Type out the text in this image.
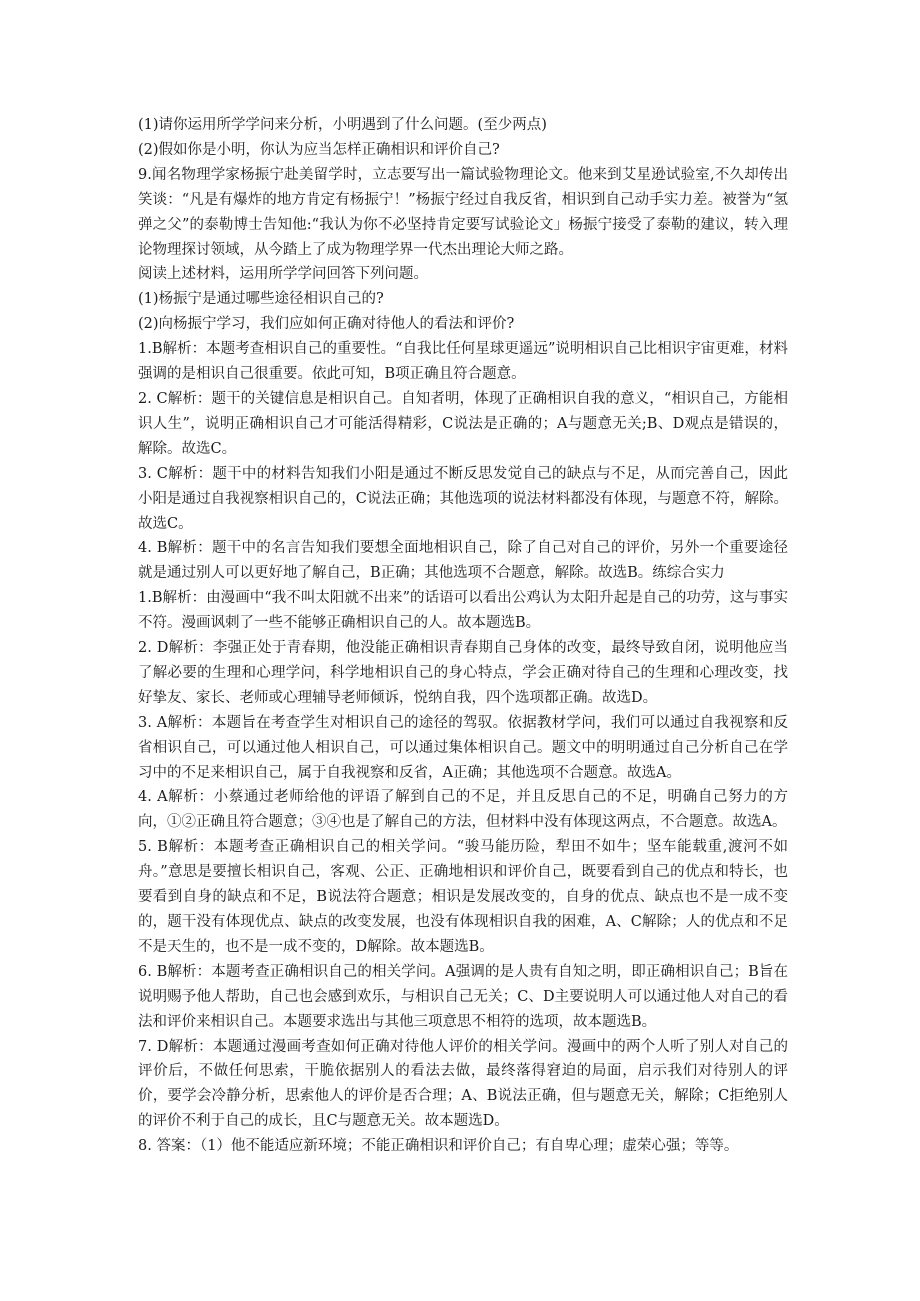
(1)请你运用所学学问来分析，小明遇到了什么问题。(至少两点)

(2)假如你是小明，你认为应当怎样正确相识和评价自己?

9.闻名物理学家杨振宁赴美留学时，立志要写出一篇试验物理论文。他来到艾星逊试验室,不久却传出笑谈：“凡是有爆炸的地方肯定有杨振宁！”杨振宁经过自我反省，相识到自己动手实力差。被誉为“氢弹之父”的泰勒博士告知他:“我认为你不必坚持肯定要写试验论文」杨振宁接受了泰勒的建议，转入理论物理探讨领域，从今踏上了成为物理学界一代杰出理论大师之路。

阅读上述材料，运用所学学问回答下列问题。

(1)杨振宁是通过哪些途径相识自己的?

(2)向杨振宁学习，我们应如何正确对待他人的看法和评价?

1.B解析：本题考查相识自己的重要性。“自我比任何星球更遥远”说明相识自己比相识宇宙更难，材料强调的是相识自己很重要。依此可知，B项正确且符合题意。

2. C解析：题干的关键信息是相识自己。自知者明，体现了正确相识自我的意义，“相识自己，方能相识人生”，说明正确相识自己才可能活得精彩，C说法是正确的；A与题意无关;B、D观点是错误的，解除。故选C。

3. C解析：题干中的材料告知我们小阳是通过不断反思发觉自己的缺点与不足，从而完善自己，因此小阳是通过自我视察相识自己的，C说法正确；其他选项的说法材料都没有体现，与题意不符，解除。故选C。

4. B解析：题干中的名言告知我们要想全面地相识自己，除了自己对自己的评价，另外一个重要途径就是通过别人可以更好地了解自己，B正确；其他选项不合题意，解除。故选B。练综合实力

1.B解析：由漫画中“我不叫太阳就不出来”的话语可以看出公鸡认为太阳升起是自己的功劳，这与事实不符。漫画讽刺了一些不能够正确相识自己的人。故本题选B。

2. D解析：李强正处于青春期，他没能正确相识青春期自己身体的改变，最终导致自闭，说明他应当了解必要的生理和心理学问，科学地相识自己的身心特点，学会正确对待自己的生理和心理改变，找好挚友、家长、老师或心理辅导老师倾诉，悦纳自我，四个选项都正确。故选D。

3. A解析：本题旨在考查学生对相识自己的途径的驾驭。依据教材学问，我们可以通过自我视察和反省相识自己，可以通过他人相识自己，可以通过集体相识自己。题文中的明明通过自己分析自己在学习中的不足来相识自己，属于自我视察和反省，A正确；其他选项不合题意。故选A。

4. A解析：小蔡通过老师给他的评语了解到自己的不足，并且反思自己的不足，明确自己努力的方向，①②正确且符合题意；③④也是了解自己的方法，但材料中没有体现这两点，不合题意。故选A。

5. B解析：本题考查正确相识自己的相关学问。“骏马能历险，犁田不如牛；坚车能载重,渡河不如舟。”意思是要擅长相识自己，客观、公正、正确地相识和评价自己，既要看到自己的优点和特长，也要看到自身的缺点和不足，B说法符合题意；相识是发展改变的，自身的优点、缺点也不是一成不变的，题干没有体现优点、缺点的改变发展，也没有体现相识自我的困难，A、C解除；人的优点和不足不是天生的，也不是一成不变的，D解除。故本题选B。

6. B解析：本题考查正确相识自己的相关学问。A强调的是人贵有自知之明，即正确相识自己；B旨在说明赐予他人帮助，自己也会感到欢乐，与相识自己无关；C、D主要说明人可以通过他人对自己的看法和评价来相识自己。本题要求选出与其他三项意思不相符的选项，故本题选B。

7. D解析：本题通过漫画考查如何正确对待他人评价的相关学问。漫画中的两个人听了别人对自己的评价后，不做任何思索，干脆依据别人的看法去做，最终落得窘迫的局面，启示我们对待别人的评价，要学会冷静分析，思索他人的评价是否合理；A、B说法正确，但与题意无关，解除；C拒绝别人的评价不利于自己的成长，且C与题意无关。故本题选D。

8. 答案：（1）他不能适应新环境；不能正确相识和评价自己；有自卑心理；虚荣心强；等等。
